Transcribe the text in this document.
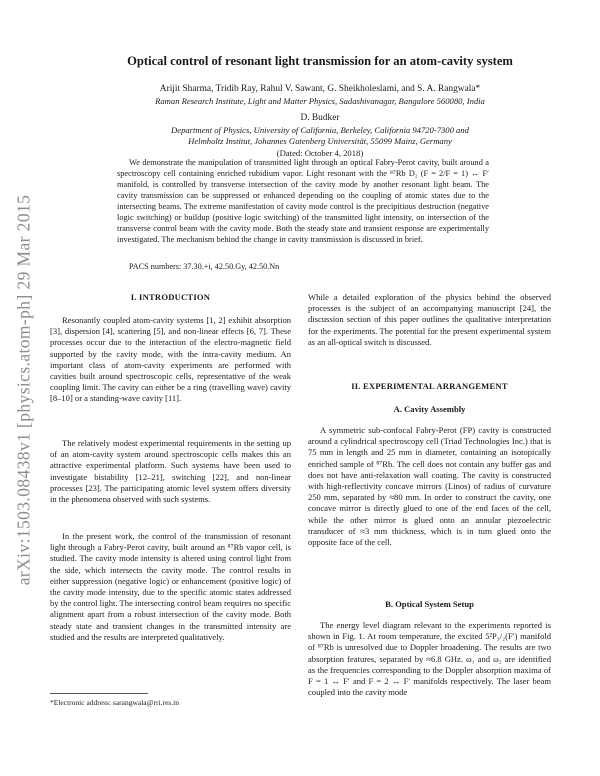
arXiv:1503.08438v1 [physics.atom-ph] 29 Mar 2015
Optical control of resonant light transmission for an atom-cavity system
Arijit Sharma, Tridib Ray, Rahul V. Sawant, G. Sheikholeslami, and S. A. Rangwala*
Raman Research Institute, Light and Matter Physics, Sadashivanagar, Bangalore 560080, India
D. Budker
Department of Physics, University of California, Berkeley, California 94720-7300 and
Helmholtz Institut, Johannes Gutenberg Universität, 55099 Mainz, Germany
(Dated: October 4, 2018)

We demonstrate the manipulation of transmitted light through an optical Fabry-Perot cavity, built around a spectroscopy cell containing enriched rubidium vapor. Light resonant with the ⁸⁷Rb D₂ (F = 2/F = 1) ↔ F′ manifold, is controlled by transverse intersection of the cavity mode by another resonant light beam. The cavity transmission can be suppressed or enhanced depending on the coupling of atomic states due to the intersecting beams. The extreme manifestation of cavity mode control is the precipitious destruction (negative logic switching) or buildup (positive logic switching) of the transmitted light intensity, on intersection of the transverse control beam with the cavity mode. Both the steady state and transient response are experimentally investigated. The mechanism behind the change in cavity transmission is discussed in brief.

PACS numbers: 37.30.+i, 42.50.Gy, 42.50.Nn
I. INTRODUCTION

Resonantly coupled atom-cavity systems [1, 2] exhibit absorption [3], dispersion [4], scattering [5], and non-linear effects [6, 7]. These processes occur due to the interaction of the electro-magnetic field supported by the cavity mode, with the intra-cavity medium. An important class of atom-cavity experiments are performed with cavities built around spectroscopic cells, representative of the weak coupling limit. The cavity can either be a ring (travelling wave) cavity [8–10] or a standing-wave cavity [11].

The relatively modest experimental requirements in the setting up of an atom-cavity system around spectroscopic cells makes this an attractive experimental platform. Such systems have been used to investigate bistability [12–21], switching [22], and non-linear processes [23]. The participating atomic level system offers diversity in the phenomena observed with such systems.

In the present work, the control of the transmission of resonant light through a Fabry-Perot cavity, built around an ⁸⁷Rb vapor cell, is studied. The cavity mode intensity is altered using control light from the side, which intersects the cavity mode. The control results in either suppression (negative logic) or enhancement (positive logic) of the cavity mode intensity, due to the specific atomic states addressed by the control light. The intersecting control beam requires no specific alignment apart from a robust intersection of the cavity mode. Both steady state and transient changes in the transmitted intensity are studied and the results are interpreted qualitatively.

While a detailed exploration of the physics behind the observed processes is the subject of an accompanying manuscript [24], the discussion section of this paper outlines the qualitative interpretation for the experiments. The potential for the present experimental system as an all-optical switch is discussed.

II. EXPERIMENTAL ARRANGEMENT
A. Cavity Assembly

A symmetric sub-confocal Fabry-Perot (FP) cavity is constructed around a cylindrical spectroscopy cell (Triad Technologies Inc.) that is 75 mm in length and 25 mm in diameter, containing an isotopically enriched sample of ⁸⁷Rb. The cell does not contain any buffer gas and does not have anti-relaxation wall coating. The cavity is constructed with high-reflectivity concave mirrors (Linos) of radius of curvature 250 mm, separated by ≈80 mm. In order to construct the cavity, one concave mirror is directly glued to one of the end faces of the cell, while the other mirror is glued onto an annular piezoelectric transducer of ≈3 mm thickness, which is in turn glued onto the opposite face of the cell.

B. Optical System Setup

The energy level diagram relevant to the experiments reported is shown in Fig. 1. At room temperature, the excited 5²P₃/₂(F′) manifold of ⁸⁷Rb is unresolved due to Doppler broadening. The results are two absorption features, separated by ≈6.8 GHz. ω₁ and ω₂ are identified as the frequencies corresponding to the Doppler absorption maxima of F = 1 ↔ F′ and F = 2 ↔ F′ manifolds respectively. The laser beam coupled into the cavity mode

*Electronic address: sarangwala@rri.res.in
